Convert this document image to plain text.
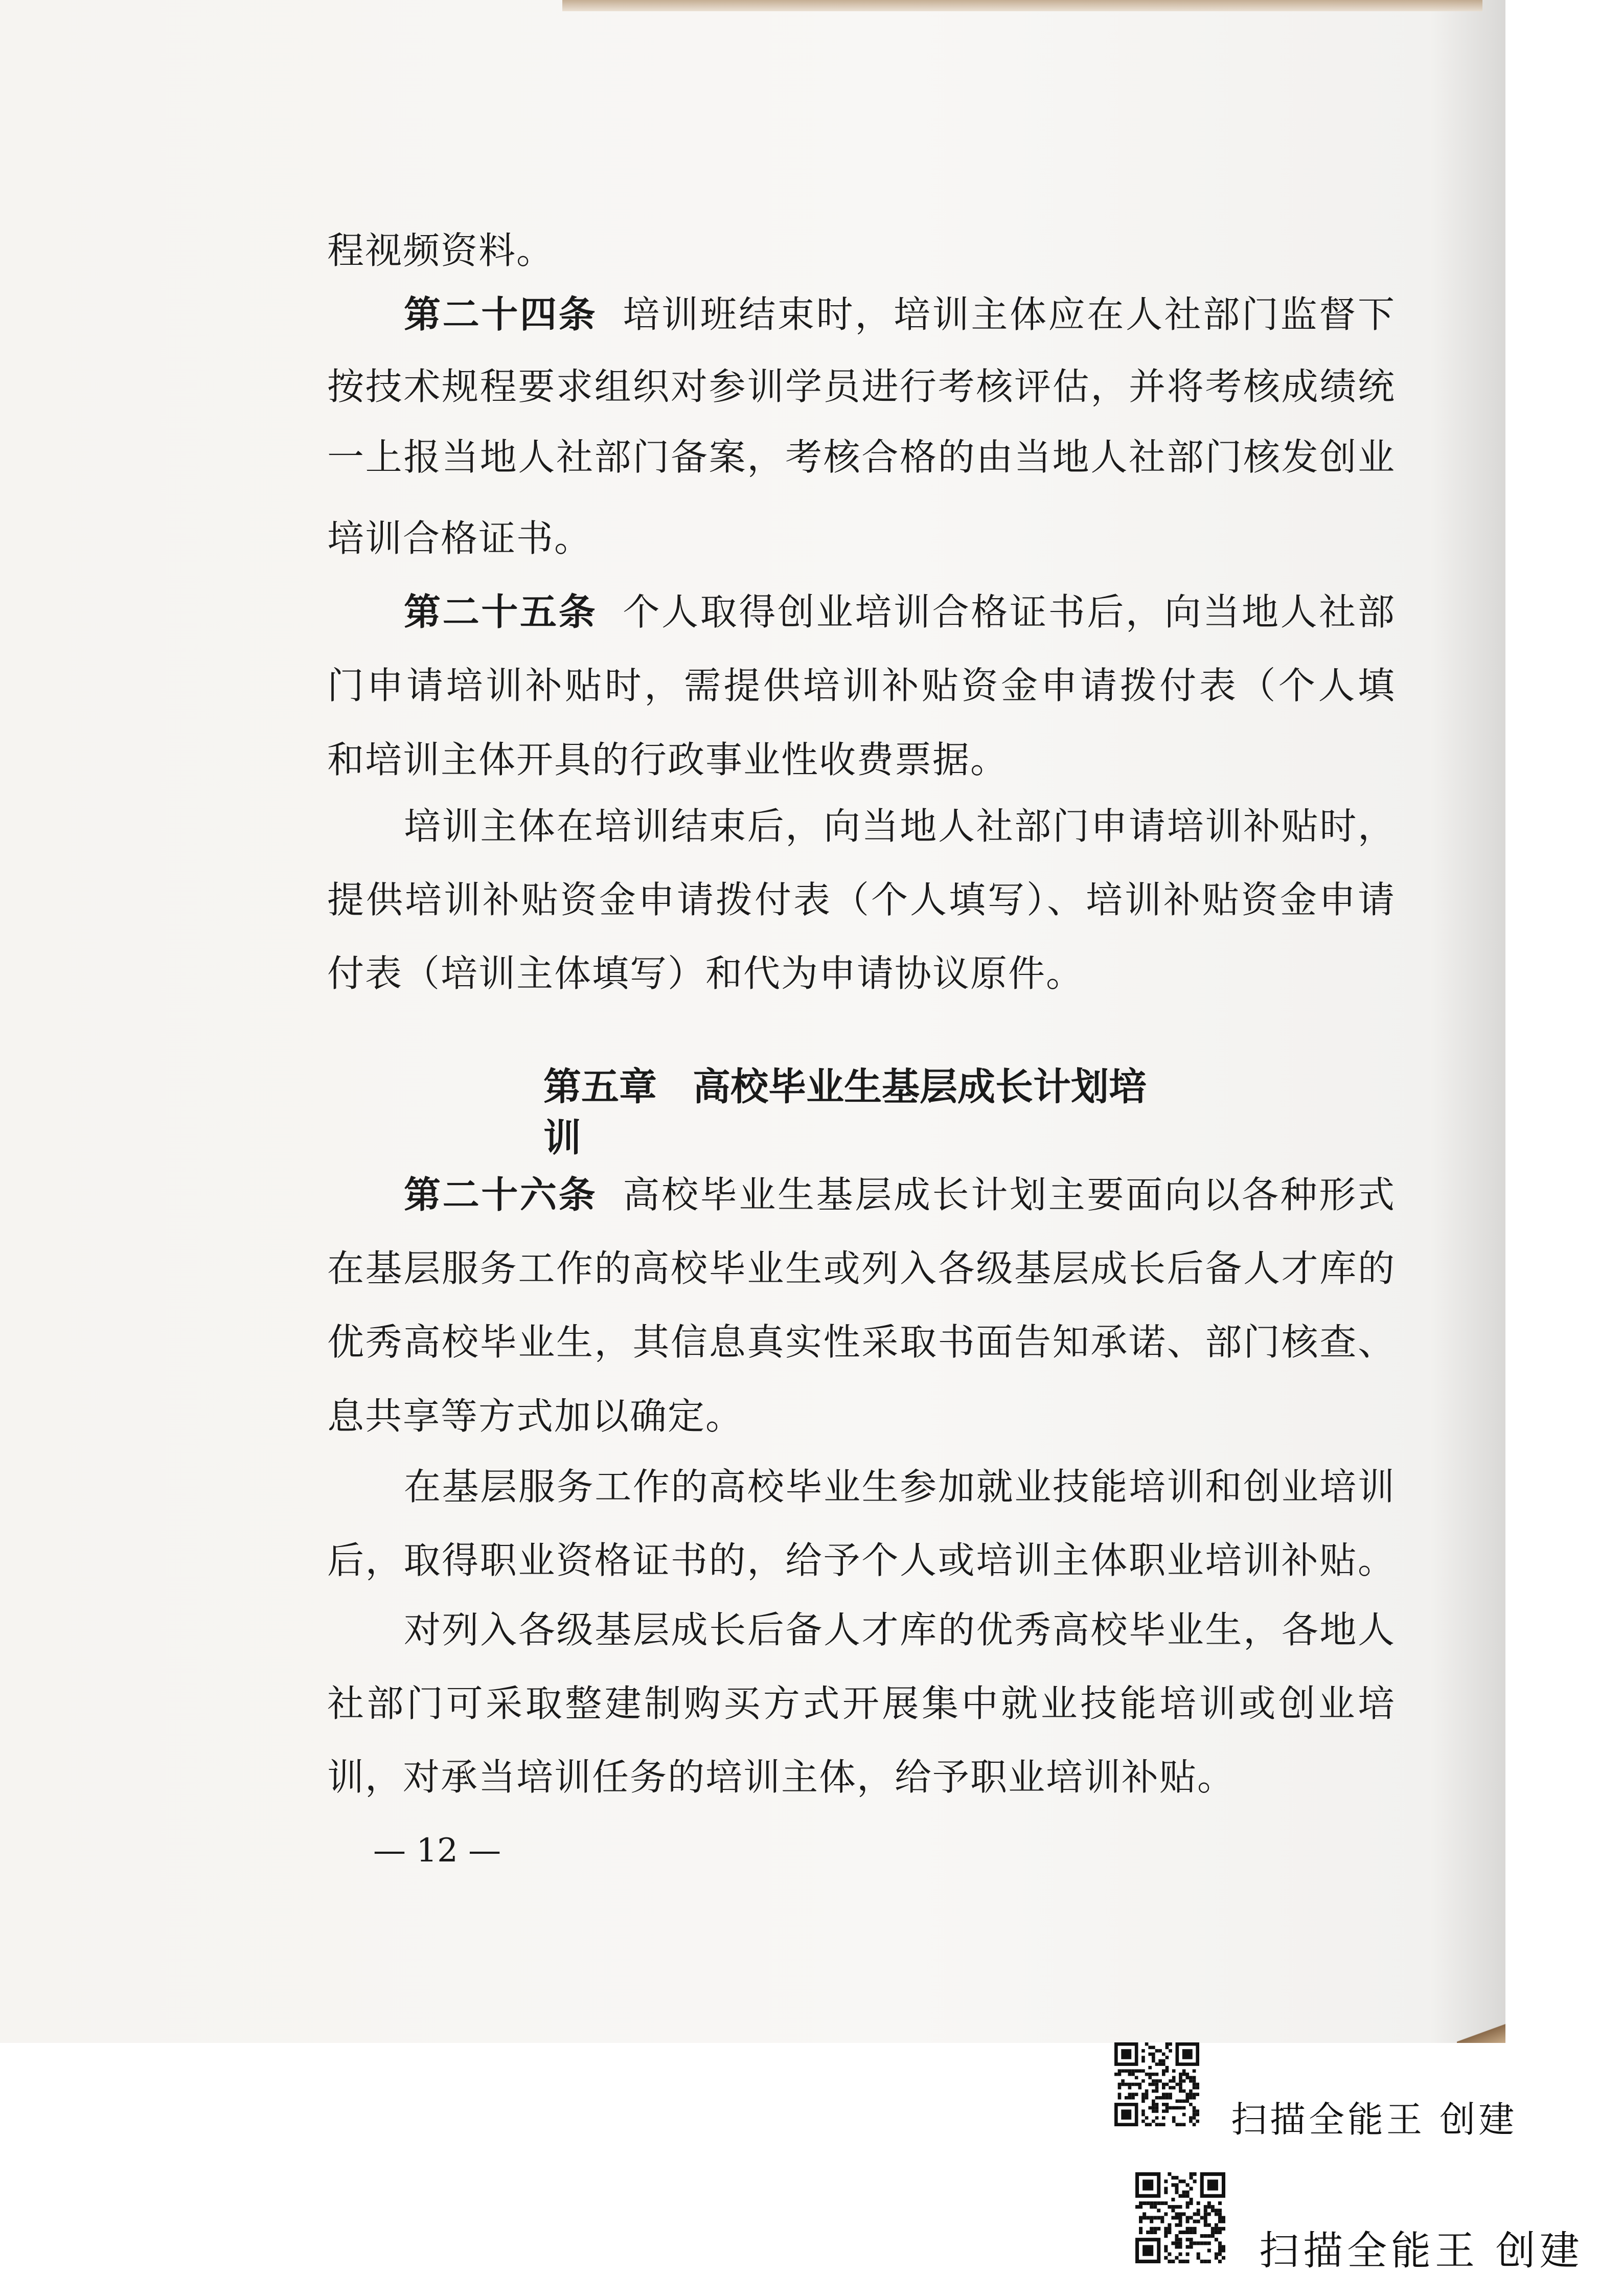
程视频资料。
第二十四条 培训班结束时，培训主体应在人社部门监督下
按技术规程要求组织对参训学员进行考核评估，并将考核成绩统
一上报当地人社部门备案，考核合格的由当地人社部门核发创业
培训合格证书。
第二十五条 个人取得创业培训合格证书后，向当地人社部
门申请培训补贴时，需提供培训补贴资金申请拨付表（个人填
和培训主体开具的行政事业性收费票据。
培训主体在培训结束后，向当地人社部门申请培训补贴时，
提供培训补贴资金申请拨付表（个人填写）、培训补贴资金申请
付表（培训主体填写）和代为申请协议原件。
第二十六条 高校毕业生基层成长计划主要面向以各种形式
在基层服务工作的高校毕业生或列入各级基层成长后备人才库的
优秀高校毕业生，其信息真实性采取书面告知承诺、部门核查、
息共享等方式加以确定。
在基层服务工作的高校毕业生参加就业技能培训和创业培训
后，取得职业资格证书的，给予个人或培训主体职业培训补贴。
对列入各级基层成长后备人才库的优秀高校毕业生，各地人
社部门可采取整建制购买方式开展集中就业技能培训或创业培
训，对承当培训任务的培训主体，给予职业培训补贴。
第五章 高校毕业生基层成长计划培训
— 12 —
扫描全能王 创建
扫描全能王 创建
